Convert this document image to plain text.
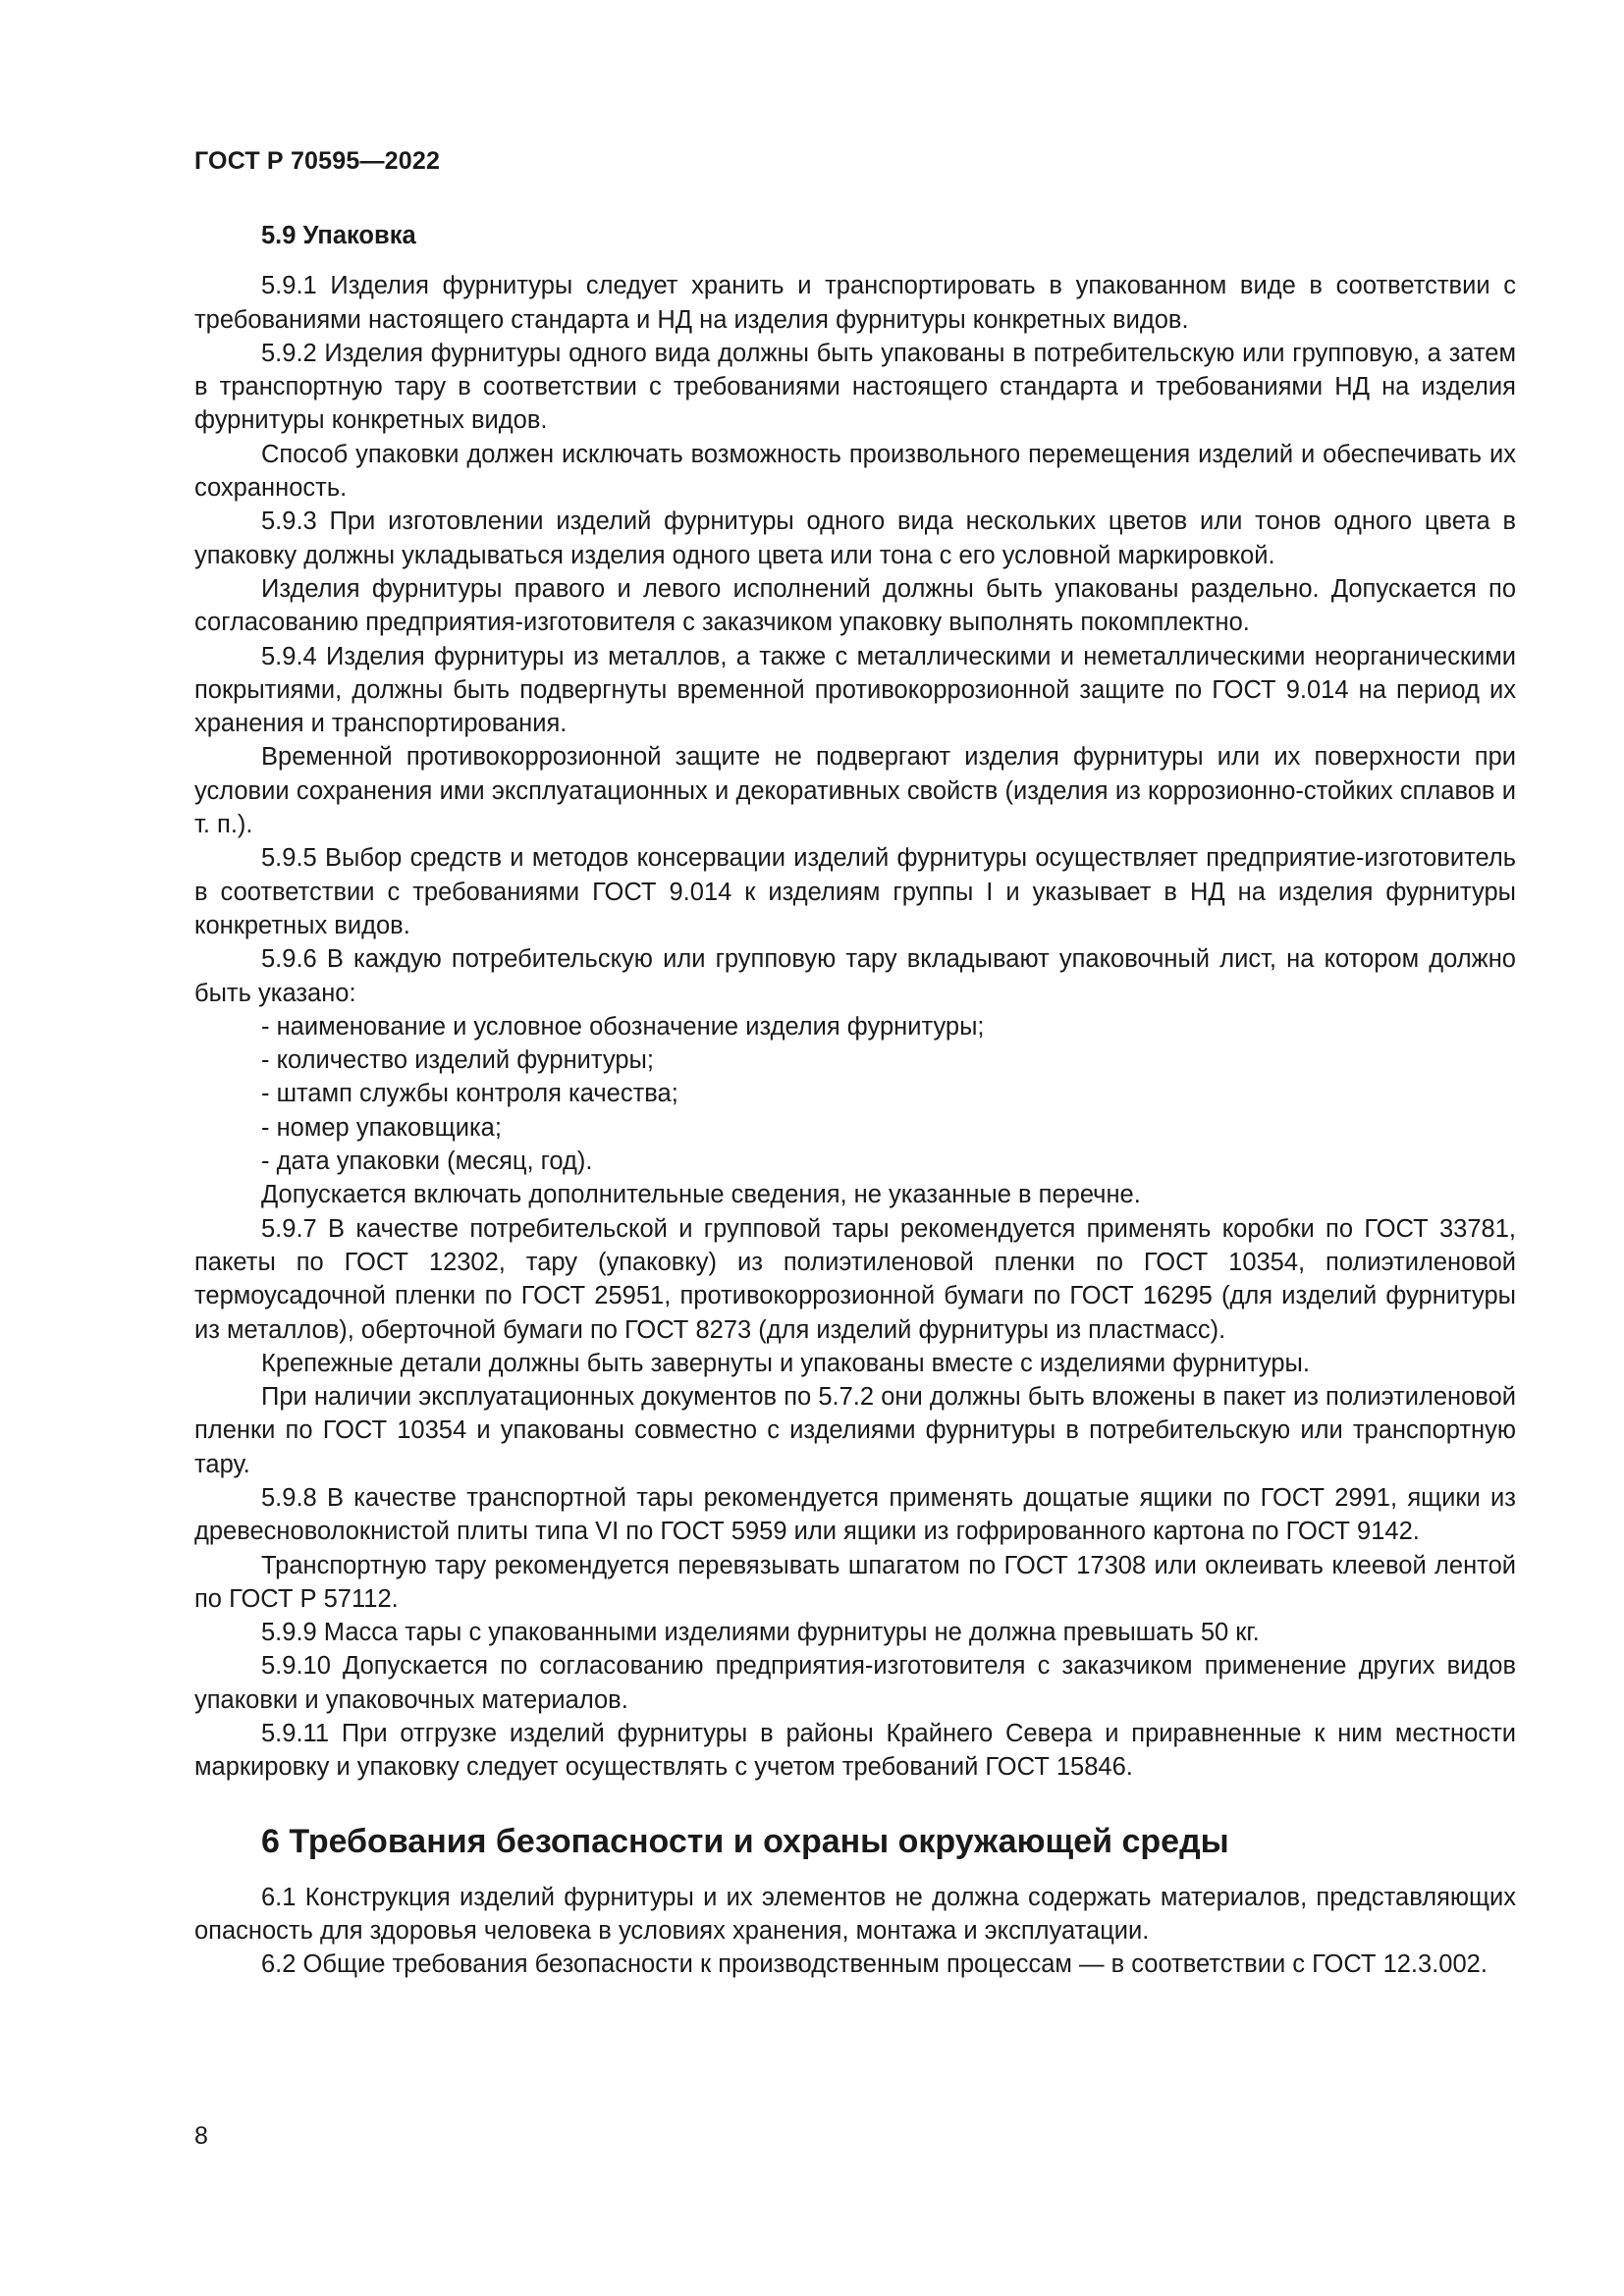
ГОСТ Р 70595—2022
5.9 Упаковка
5.9.1 Изделия фурнитуры следует хранить и транспортировать в упакованном виде в соответствии с требованиями настоящего стандарта и НД на изделия фурнитуры конкретных видов.
5.9.2 Изделия фурнитуры одного вида должны быть упакованы в потребительскую или групповую, а затем в транспортную тару в соответствии с требованиями настоящего стандарта и требованиями НД на изделия фурнитуры конкретных видов.
Способ упаковки должен исключать возможность произвольного перемещения изделий и обеспечивать их сохранность.
5.9.3 При изготовлении изделий фурнитуры одного вида нескольких цветов или тонов одного цвета в упаковку должны укладываться изделия одного цвета или тона с его условной маркировкой.
Изделия фурнитуры правого и левого исполнений должны быть упакованы раздельно. Допускается по согласованию предприятия-изготовителя с заказчиком упаковку выполнять покомплектно.
5.9.4 Изделия фурнитуры из металлов, а также с металлическими и неметаллическими неорганическими покрытиями, должны быть подвергнуты временной противокоррозионной защите по ГОСТ 9.014 на период их хранения и транспортирования.
Временной противокоррозионной защите не подвергают изделия фурнитуры или их поверхности при условии сохранения ими эксплуатационных и декоративных свойств (изделия из коррозионно-стойких сплавов и т. п.).
5.9.5 Выбор средств и методов консервации изделий фурнитуры осуществляет предприятие-изготовитель в соответствии с требованиями ГОСТ 9.014 к изделиям группы I и указывает в НД на изделия фурнитуры конкретных видов.
5.9.6 В каждую потребительскую или групповую тару вкладывают упаковочный лист, на котором должно быть указано:
- наименование и условное обозначение изделия фурнитуры;
- количество изделий фурнитуры;
- штамп службы контроля качества;
- номер упаковщика;
- дата упаковки (месяц, год).
Допускается включать дополнительные сведения, не указанные в перечне.
5.9.7 В качестве потребительской и групповой тары рекомендуется применять коробки по ГОСТ 33781, пакеты по ГОСТ 12302, тару (упаковку) из полиэтиленовой пленки по ГОСТ 10354, полиэтиленовой термоусадочной пленки по ГОСТ 25951, противокоррозионной бумаги по ГОСТ 16295 (для изделий фурнитуры из металлов), оберточной бумаги по ГОСТ 8273 (для изделий фурнитуры из пластмасс).
Крепежные детали должны быть завернуты и упакованы вместе с изделиями фурнитуры.
При наличии эксплуатационных документов по 5.7.2 они должны быть вложены в пакет из полиэтиленовой пленки по ГОСТ 10354 и упакованы совместно с изделиями фурнитуры в потребительскую или транспортную тару.
5.9.8 В качестве транспортной тары рекомендуется применять дощатые ящики по ГОСТ 2991, ящики из древесноволокнистой плиты типа VI по ГОСТ 5959 или ящики из гофрированного картона по ГОСТ 9142.
Транспортную тару рекомендуется перевязывать шпагатом по ГОСТ 17308 или оклеивать клеевой лентой по ГОСТ Р 57112.
5.9.9 Масса тары с упакованными изделиями фурнитуры не должна превышать 50 кг.
5.9.10 Допускается по согласованию предприятия-изготовителя с заказчиком применение других видов упаковки и упаковочных материалов.
5.9.11 При отгрузке изделий фурнитуры в районы Крайнего Севера и приравненные к ним местности маркировку и упаковку следует осуществлять с учетом требований ГОСТ 15846.
6 Требования безопасности и охраны окружающей среды
6.1 Конструкция изделий фурнитуры и их элементов не должна содержать материалов, представляющих опасность для здоровья человека в условиях хранения, монтажа и эксплуатации.
6.2 Общие требования безопасности к производственным процессам — в соответствии с ГОСТ 12.3.002.
8
